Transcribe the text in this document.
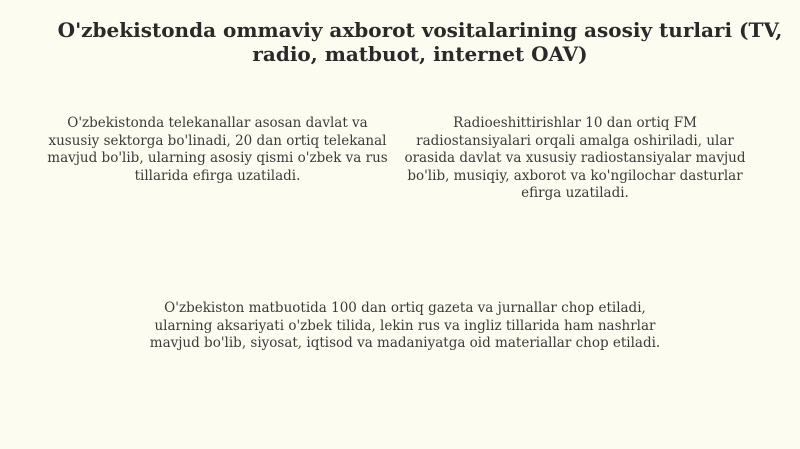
O'zbekistonda ommaviy axborot vositalarining asosiy turlari (TV, radio, matbuot, internet OAV)

O'zbekistonda telekanallar asosan davlat va xususiy sektorga bo'linadi, 20 dan ortiq telekanal mavjud bo'lib, ularning asosiy qismi o'zbek va rus tillarida efirga uzatiladi.

Radioeshittirishlar 10 dan ortiq FM radiostansiyalari orqali amalga oshiriladi, ular orasida davlat va xususiy radiostansiyalar mavjud bo'lib, musiqiy, axborot va ko'ngilochar dasturlar efirga uzatiladi.

O'zbekiston matbuotida 100 dan ortiq gazeta va jurnallar chop etiladi, ularning aksariyati o'zbek tilida, lekin rus va ingliz tillarida ham nashrlar mavjud bo'lib, siyosat, iqtisod va madaniyatga oid materiallar chop etiladi.
